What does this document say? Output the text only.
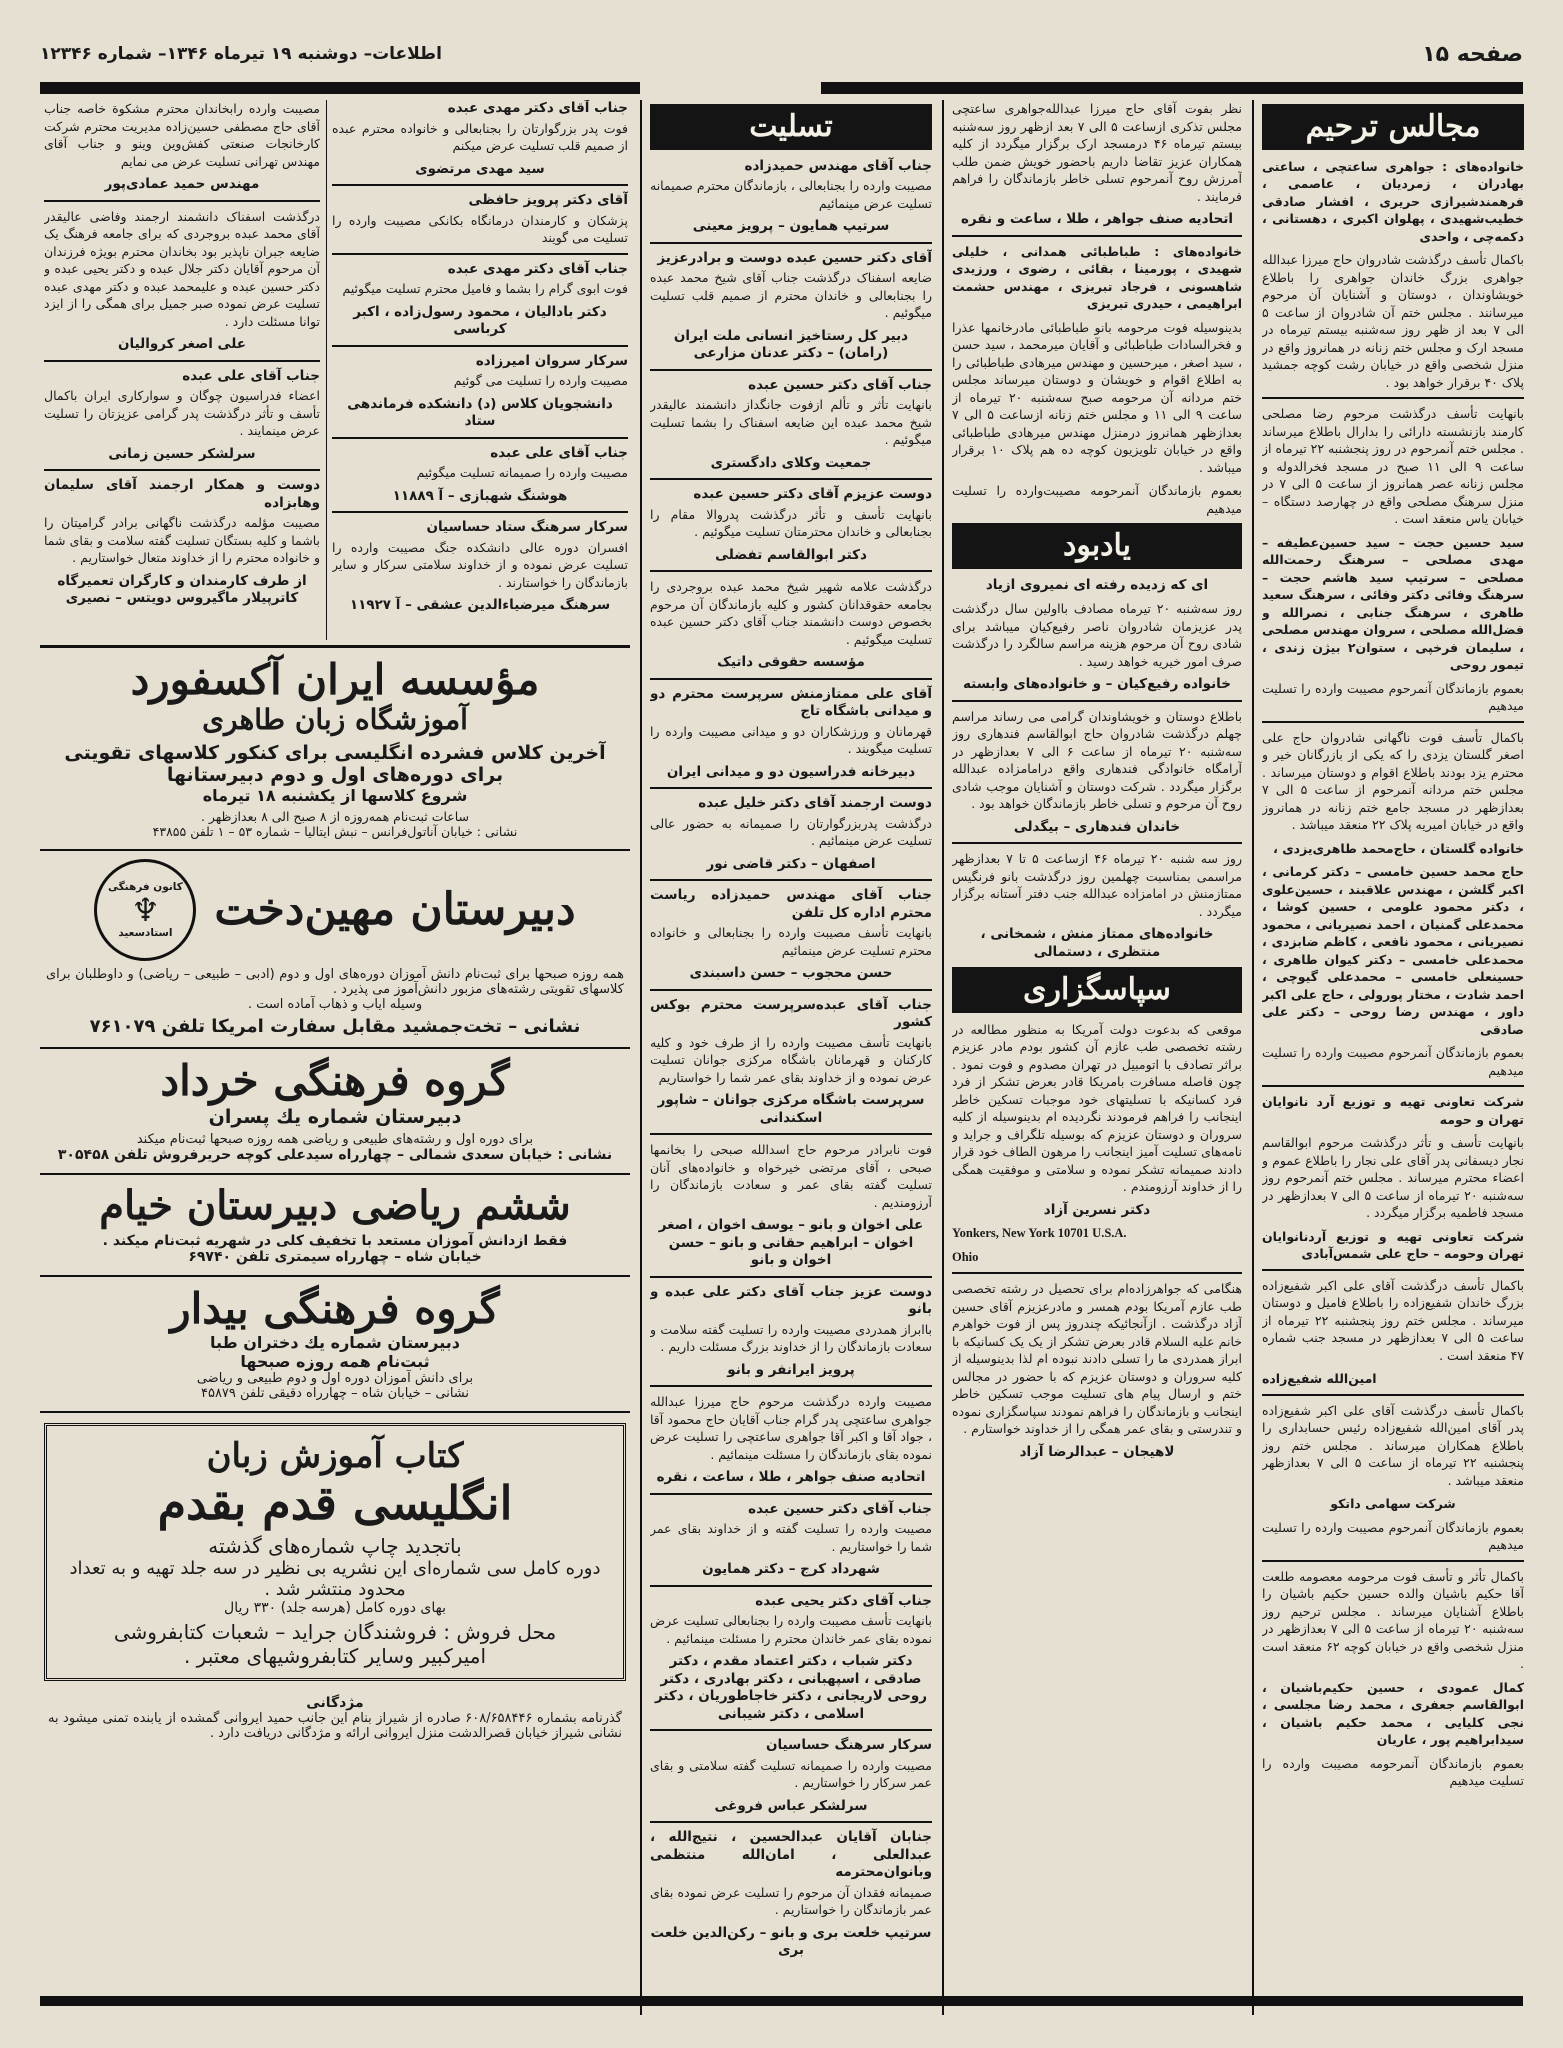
صفحه ۱۵
اطلاعات– دوشنبه ۱۹ تیرماه ۱۳۴۶– شماره ۱۲۳۴۶
مجالس ترحیم

خانواده‌های : جواهری ساعتچی ، ساعتی بهادران ، زمردیان ، عاصمی ، فرهمندشیرازی حریری ، افشار صادقی خطیب‌شهیدی ، پهلوان اکبری ، دهستانی ، دکمه‌چی ، واحدی

باکمال تأسف درگذشت شادروان حاج میرزا عبدالله جواهری بزرگ خاندان جواهری را باطلاع خویشاوندان ، دوستان و آشنایان آن مرحوم میرسانند . مجلس ختم آن شادروان از ساعت ۵ الی ۷ بعد از ظهر روز سه‌شنبه بیستم تیرماه در مسجد ارک و مجلس ختم زنانه در همانروز واقع در منزل شخصی واقع در خیابان رشت کوچه جمشید پلاک ۴۰ برقرار خواهد بود .

بانهایت تأسف درگذشت مرحوم رضا مصلحی کارمند بازنشسته دارائی را بدارال باطلاع میرساند . مجلس ختم آنمرحوم در روز پنجشنبه ۲۲ تیرماه از ساعت ۹ الی ۱۱ صبح در مسجد فخرالدوله و مجلس زنانه عصر همانروز از ساعت ۵ الی ۷ در منزل سرهنگ مصلحی واقع در چهارصد دستگاه – خیابان یاس منعقد است .

سید حسین حجت – سید حسین‌عطیفه – مهدی مصلحی – سرهنگ رحمت‌الله مصلحی – سرتیپ سید هاشم حجت – سرهنگ وفائی دکتر وفائی ، سرهنگ سعید طاهری ، سرهنگ جنابی ، نصرالله و فضل‌الله مصلحی ، سروان مهندس مصلحی ، سلیمان فرخپی ، ستوان۲ بیژن زندی ، تیمور روحی

بعموم بازماندگان آنمرحوم مصیبت وارده را تسلیت میدهیم

باکمال تأسف فوت ناگهانی شادروان حاج علی اصغر گلستان یزدی را که یکی از بازرگانان خیر و محترم یزد بودند باطلاع اقوام و دوستان میرساند . مجلس ختم مردانه آنمرحوم از ساعت ۵ الی ۷ بعدازظهر در مسجد جامع ختم زنانه در همانروز واقع در خیابان امیریه پلاک ۲۲ منعقد میباشد .

خانواده گلستان ، حاج‌محمد طاهری‌یزدی ،

حاج محمد حسین خامسی – دکتر کرمانی ، اکبر گلشن ، مهندس علاقبند ، حسین‌علوی ، دکتر محمود علومی ، حسین کوشا ، محمدعلی گمنیان ، احمد نصیریانی ، محمود نصیریانی ، محمود نافعی ، کاظم ضابزدی ، محمدعلی خامسی – دکتر کیوان طاهری ، حسینعلی خامسی – محمدعلی گیوچی ، احمد شادت ، مختار پورولی ، حاج علی اکبر داور ، مهندس رضا روحی – دکتر علی صادقی

بعموم بازماندگان آنمرحوم مصیبت وارده را تسلیت میدهیم

شرکت تعاونی تهیه و توزیع آرد نانوایان تهران و حومه

بانهایت تأسف و تأثر درگذشت مرحوم ابوالقاسم نجار دیسفانی پدر آقای علی نجار را باطلاع عموم و اعضاء محترم میرساند . مجلس ختم آنمرحوم روز سه‌شنبه ۲۰ تیرماه از ساعت ۵ الی ۷ بعدازظهر در مسجد فاطمیه برگزار میگردد .

شرکت تعاونی تهیه و توزیع آردنانوایان تهران وحومه – حاج علی شمس‌آبادی

باکمال تأسف درگذشت آقای علی اکبر شفیع‌زاده بزرگ خاندان شفیع‌زاده را باطلاع فامیل و دوستان میرساند . مجلس ختم روز پنجشنبه ۲۲ تیرماه از ساعت ۵ الی ۷ بعدازظهر در مسجد جنب شماره ۴۷ منعقد است .

امین‌الله شفیع‌زاده

باکمال تأسف درگذشت آقای علی اکبر شفیع‌زاده پدر آقای امین‌الله شفیع‌زاده رئیس حسابداری را باطلاع همکاران میرساند . مجلس ختم روز پنجشنبه ۲۲ تیرماه از ساعت ۵ الی ۷ بعدازظهر منعقد میباشد .

شرکت سهامی داتکو

بعموم بازماندگان آنمرحوم مصیبت وارده را تسلیت میدهیم

باکمال تأثر و تأسف فوت مرحومه معصومه طلعت آقا حکیم باشیان والده حسین حکیم باشیان را باطلاع آشنایان میرساند . مجلس ترحیم روز سه‌شنبه ۲۰ تیرماه از ساعت ۵ الی ۷ بعدازظهر در منزل شخصی واقع در خیابان کوچه ۶۲ منعقد است .

کمال عمودی ، حسین حکیم‌باشیان ، ابوالقاسم جعفری ، محمد رضا مجلسی ، نجی کلیایی ، محمد حکیم باشیان ، سیدابراهیم پور ، عاریان

بعموم بازماندگان آنمرحومه مصیبت وارده را تسلیت میدهیم

نظر بفوت آقای حاج میرزا عبدالله‌جواهری ساعتچی مجلس تذکری ازساعت ۵ الی ۷ بعد ازظهر روز سه‌شنبه بیستم تیرماه ۴۶ درمسجد ارک برگزار میگردد از کلیه همکاران عزیز تقاضا داریم باحضور خویش ضمن طلب آمرزش روح آنمرحوم تسلی خاطر بازماندگان را فراهم فرمایند .

اتحادیه صنف جواهر ، طلا ، ساعت و نقره

خانواده‌های : طباطبائی همدانی ، خلیلی شهیدی ، پورمینا ، بقائی ، رضوی ، ورزیدی شاهسونی ، فرجاد تبریزی ، مهندس حشمت ابراهیمی ، حیدری تبریزی

بدینوسیله فوت مرحومه بانو طباطبائی مادرخانمها عذرا و فخرالسادات طباطبائی و آقایان میرمحمد ، سید حسن ، سید اصغر ، میرحسین و مهندس میرهادی طباطبائی را به اطلاع اقوام و خویشان و دوستان میرساند مجلس ختم مردانه آن مرحومه صبح سه‌شنبه ۲۰ تیرماه از ساعت ۹ الی ۱۱ و مجلس ختم زنانه ازساعت ۵ الی ۷ بعدازظهر همانروز درمنزل مهندس میرهادی طباطبائی واقع در خیابان تلویزیون کوچه ده هم پلاک ۱۰ برقرار میباشد .

بعموم بازماندگان آنمرحومه مصیبت‌وارده را تسلیت میدهیم

یادبود

ای که زدیده رفته ای نمیروی ازیاد

روز سه‌شنبه ۲۰ تیرماه مصادف بااولین سال درگذشت پدر عزیزمان شادروان ناصر رفیع‌کیان میباشد برای شادی روح آن مرحوم هزینه مراسم سالگرد را درگذشت صرف امور خیریه خواهد رسید .

خانواده رفیع‌کیان – و خانواده‌های وابسته

باطلاع دوستان و خویشاوندان گرامی می رساند مراسم چهلم درگذشت شادروان حاج ابوالقاسم فندهاری روز سه‌شنبه ۲۰ تیرماه از ساعت ۶ الی ۷ بعدازظهر در آرامگاه خانوادگی فندهاری واقع درامامزاده عبدالله برگزار میگردد . شرکت دوستان و آشنایان موجب شادی روح آن مرحوم و تسلی خاطر بازماندگان خواهد بود .

خاندان فندهاری – بیگدلی

روز سه شنبه ۲۰ تیرماه ۴۶ ازساعت ۵ تا ۷ بعدازظهر مراسمی بمناسبت چهلمین روز درگذشت بانو فرنگیس ممتازمنش در امامزاده عبدالله جنب دفتر آستانه برگزار میگردد .

خانواده‌های ممتاز منش ، شمخانی ، منتظری ، دستمالی

سپاسگزاری

موقعی که بدعوت دولت آمریکا به منظور مطالعه در رشته تخصصی طب عازم آن کشور بودم مادر عزیزم براثر تصادف با اتومبیل در تهران مصدوم و فوت نمود . چون فاصله مسافرت بامریکا قادر بعرض تشکر از فرد فرد کسانیکه با تسلیتهای خود موجبات تسکین خاطر اینجانب را فراهم فرمودند نگردیده ام بدینوسیله از کلیه سروران و دوستان عزیزم که بوسیله تلگراف و جراید و نامه‌های تسلیت آمیز اینجانب را مرهون الطاف خود قرار دادند صمیمانه تشکر نموده و سلامتی و موفقیت همگی را از خداوند آرزومندم .

دکتر نسرین آزاد

Yonkers, New York 10701 U.S.A.

Ohio

هنگامی که جواهرزاده‌ام برای تحصیل در رشته تخصصی طب عازم آمریکا بودم همسر و مادرعزیزم آقای حسین آزاد درگذشت . ازآنجائیکه چندروز پس از فوت خواهرم خانم علیه السلام قادر بعرض تشکر از یک یک کسانیکه با ابراز همدردی ما را تسلی دادند نبوده ام لذا بدینوسیله از کلیه سروران و دوستان عزیزم که با حضور در مجالس ختم و ارسال پیام های تسلیت موجب تسکین خاطر اینجانب و بازماندگان را فراهم نمودند سپاسگزاری نموده و تندرستی و بقای عمر همگی را از خداوند خواستارم .

لاهیجان – عبدالرضا آزاد

تسلیت
جناب آقای مهندس حمیدزاده

مصیبت وارده را بجنابعالی ، بازماندگان محترم صمیمانه تسلیت عرض مینمائیم

سرتیپ همایون – پرویز معینی

آقای دکتر حسین عبده دوست و برادرعزیز

ضایعه اسفناک درگذشت جناب آقای شیخ محمد عبده را بجنابعالی و خاندان محترم از صمیم قلب تسلیت میگوئیم .

دبیر کل رستاخیز انسانی ملت ایران (رامان) – دکتر عدنان مزارعی

جناب آقای دکتر حسین عبده

بانهایت تأثر و تألم ازفوت جانگداز دانشمند عالیقدر شیخ محمد عبده این ضایعه اسفناک را بشما تسلیت میگوئیم .

جمعیت وکلای دادگستری

دوست عزیزم آقای دکتر حسین عبده

بانهایت تأسف و تأثر درگذشت پدروالا مقام را بجنابعالی و خاندان محترمتان تسلیت میگوئیم .

دکتر ابوالقاسم تفضلی

درگذشت علامه شهیر شیخ محمد عبده بروجردی را بجامعه حقوقدانان کشور و کلیه بازماندگان آن مرحوم بخصوص دوست دانشمند جناب آقای دکتر حسین عبده تسلیت میگوئیم .

مؤسسه حقوقی داتیک

آقای علی ممتازمنش سرپرست محترم دو و میدانی باشگاه تاج

قهرمانان و ورزشکاران دو و میدانی مصیبت وارده را تسلیت میگویند .

دبیرخانه فدراسیون دو و میدانی ایران

دوست ارجمند آقای دکتر خلیل عبده

درگذشت پدربزرگوارتان را صمیمانه به حضور عالی تسلیت عرض مینمائیم .

اصفهان – دکتر قاضی نور

جناب آقای مهندس حمیدزاده ریاست محترم اداره کل تلفن

بانهایت تأسف مصیبت وارده را بجنابعالی و خانواده محترم تسلیت عرض مینمائیم

حسن محجوب – حسن داسبندی

جناب آقای عبده‌سرپرست محترم بوکس کشور

بانهایت تأسف مصیبت وارده را از طرف خود و کلیه کارکنان و قهرمانان باشگاه مرکزی جوانان تسلیت عرض نموده و از خداوند بقای عمر شما را خواستاریم

سرپرست باشگاه مرکزی جوانان – شاپور اسکندانی

فوت نابرادر مرحوم حاج اسدالله صبحی را بخانمها صبحی ، آقای مرتضی خیرخواه و خانواده‌های آنان تسلیت گفته بقای عمر و سعادت بازماندگان را آرزومندیم .

علی اخوان و بانو – یوسف اخوان ، اصغر اخوان – ابراهیم حقانی و بانو – حسن اخوان و بانو

دوست عزیز جناب آقای دکتر علی عبده و بانو

باابراز همدردی مصیبت وارده را تسلیت گفته سلامت و سعادت بازماندگان را از خداوند بزرگ مسئلت داریم .

پرویز ایرانفر و بانو

مصیبت وارده درگذشت مرحوم حاج میرزا عبدالله جواهری ساعتچی پدر گرام جناب آقایان حاج محمود آقا ، جواد آقا و اکبر آقا جواهری ساعتچی را تسلیت عرض نموده بقای بازماندگان را مسئلت مینمائیم .

اتحادیه صنف جواهر ، طلا ، ساعت ، نقره

جناب آقای دکتر حسین عبده

مصیبت وارده را تسلیت گفته و از خداوند بقای عمر شما را خواستاریم .

شهرداد کرج – دکتر همایون

جناب آقای دکتر یحیی عبده

بانهایت تأسف مصیبت وارده را بجنابعالی تسلیت عرض نموده بقای عمر خاندان محترم را مسئلت مینمائیم .

دکتر شباب ، دکتر اعتماد مقدم ، دکتر صادقی ، اسپهبانی ، دکتر بهادری ، دکتر روحی لاریجانی ، دکتر خاجاطوریان ، دکتر اسلامی ، دکتر شیبانی

سرکار سرهنگ حساسیان

مصیبت وارده را صمیمانه تسلیت گفته سلامتی و بقای عمر سرکار را خواستاریم .

سرلشکر عباس فروغی

جنابان آقایان عبدالحسین ، نتیج‌الله ، عبدالعلی ، امان‌الله منتظمی وبانوان‌محترمه

صمیمانه فقدان آن مرحوم را تسلیت عرض نموده بقای عمر بازماندگان را خواستاریم .

سرتیپ خلعت بری و بانو – رکن‌الدین خلعت بری

جناب آقای دکتر مهدی عبده

فوت پدر بزرگوارتان را بجنابعالی و خانواده محترم عبده از صمیم قلب تسلیت عرض میکنم

سید مهدی مرتضوی

آقای دکتر پرویز حافظی

پزشکان و کارمندان درمانگاه بکانکی مصیبت وارده را تسلیت می گویند

جناب آقای دکتر مهدی عبده

فوت ابوی گرام را بشما و فامیل محترم تسلیت میگوئیم

دکتر بادالیان ، محمود رسول‌زاده ، اکبر کرباسی

سرکار سروان امیرزاده

مصیبت وارده را تسلیت می گوئیم

دانشجویان کلاس (د) دانشکده فرماندهی ستاد

جناب آقای علی عبده

مصیبت وارده را صمیمانه تسلیت میگوئیم

هوشنگ شهبازی – آ ۱۱۸۸۹

سرکار سرهنگ ستاد حساسیان

افسران دوره عالی دانشکده جنگ مصیبت وارده را تسلیت عرض نموده و از خداوند سلامتی سرکار و سایر بازماندگان را خواستارند .

سرهنگ میرضیاءالدین عشقی – آ ۱۱۹۲۷

مصیبت وارده رابخاندان محترم مشکوة خاصه جناب آقای حاج مصطفی حسین‌زاده مدیریت محترم شرکت کارخانجات صنعتی کفش‌وین وینو و جناب آقای مهندس تهرانی تسلیت عرض می نمایم

مهندس حمید عمادی‌پور

درگذشت اسفناک دانشمند ارجمند وفاضی عالیقدر آقای محمد عبده بروجردی که برای جامعه فرهنگ یک ضایعه جبران ناپذیر بود بخاندان محترم بویژه فرزندان آن مرحوم آقایان دکتر جلال عبده و دکتر یحیی عبده و دکتر حسین عبده و علیمحمد عبده و دکتر مهدی عبده تسلیت عرض نموده صبر جمیل برای همگی را از ایزد توانا مسئلت دارد .

علی اصغر کروالیان

جناب آقای علی عبده

اعضاء فدراسیون چوگان و سوارکاری ایران باکمال تأسف و تأثر درگذشت پدر گرامی عزیزتان را تسلیت عرض مینمایند .

سرلشکر حسین زمانی

دوست و همکار ارجمند آقای سلیمان وهابزاده

مصیبت مؤلمه درگذشت ناگهانی برادر گرامیتان را باشما و کلیه بستگان تسلیت گفته سلامت و بقای شما و خانواده محترم را از خداوند متعال خواستاریم .

از طرف کارمندان و کارگران تعمیرگاه کاترپیلار ماگیروس دویتس – نصیری

مؤسسه ایران آکسفورد
آموزشگاه زبان طاهری
آخرین کلاس فشرده انگلیسی برای کنکور کلاسهای تقویتی
برای دوره‌های اول و دوم دبیرستانها
شروع کلاسها از یکشنبه ۱۸ تیرماه
ساعات ثبت‌نام همه‌روزه از ۸ صبح الی ۸ بعدازظهر .
نشانی : خیابان آناتول‌فرانس – نبش ایتالیا – شماره ۵۳ – ۱ تلفن ۴۳۸۵۵
دبیرستان مهین‌دخت
کانون فرهنگی
♆
استادسعید
همه روزه صبحها برای ثبت‌نام دانش آموزان دوره‌های اول و دوم (ادبی – طبیعی – ریاضی) و داوطلبان برای کلاسهای تقویتی رشته‌های مزبور دانش‌آموز می پذیرد .
وسیله ایاب و ذهاب آماده است .
نشانی – تخت‌جمشید مقابل سفارت امریکا تلفن ۷۶۱۰۷۹
گروه فرهنگی خرداد
دبیرستان شماره یك پسران
برای دوره اول و رشته‌های طبیعی و ریاضی همه روزه صبحها ثبت‌نام میکند
نشانی : خیابان سعدی شمالی – چهارراه سیدعلی کوچه حریرفروش تلفن ۳۰۵۴۵۸
ششم ریاضی دبیرستان خیام
فقط ازدانش آموزان مستعد با تخفیف کلی در شهریه ثبت‌نام میکند .
خیابان شاه – چهارراه سیمتری تلفن ۶۹۷۴۰
گروه فرهنگی بیدار
دبیرستان شماره یك دختران طبا
ثبت‌نام همه روزه صبحها
برای دانش آموزان دوره اول و دوم طبیعی و ریاضی
نشانی – خیابان شاه – چهارراه دقیقی تلفن ۴۵۸۷۹
کتاب آموزش زبان
انگلیسی قدم بقدم
باتجدید چاپ شماره‌های گذشته
دوره کامل سی شماره‌ای این نشریه بی نظیر در سه جلد تهیه و به تعداد محدود منتشر شد .
بهای دوره کامل (هرسه جلد) ۳۳۰ ریال
محل فروش : فروشندگان جراید – شعبات کتابفروشی
امیرکبیر وسایر کتابفروشیهای معتبر .
مژدگانی
گذرنامه بشماره ۶۰۸/۶۵۸۴۴۶ صادره از شیراز بنام این جانب حمید ایروانی گمشده از یابنده تمنی میشود به نشانی شیراز خیابان قصرالدشت منزل ایروانی ارائه و مژدگانی دریافت دارد .
